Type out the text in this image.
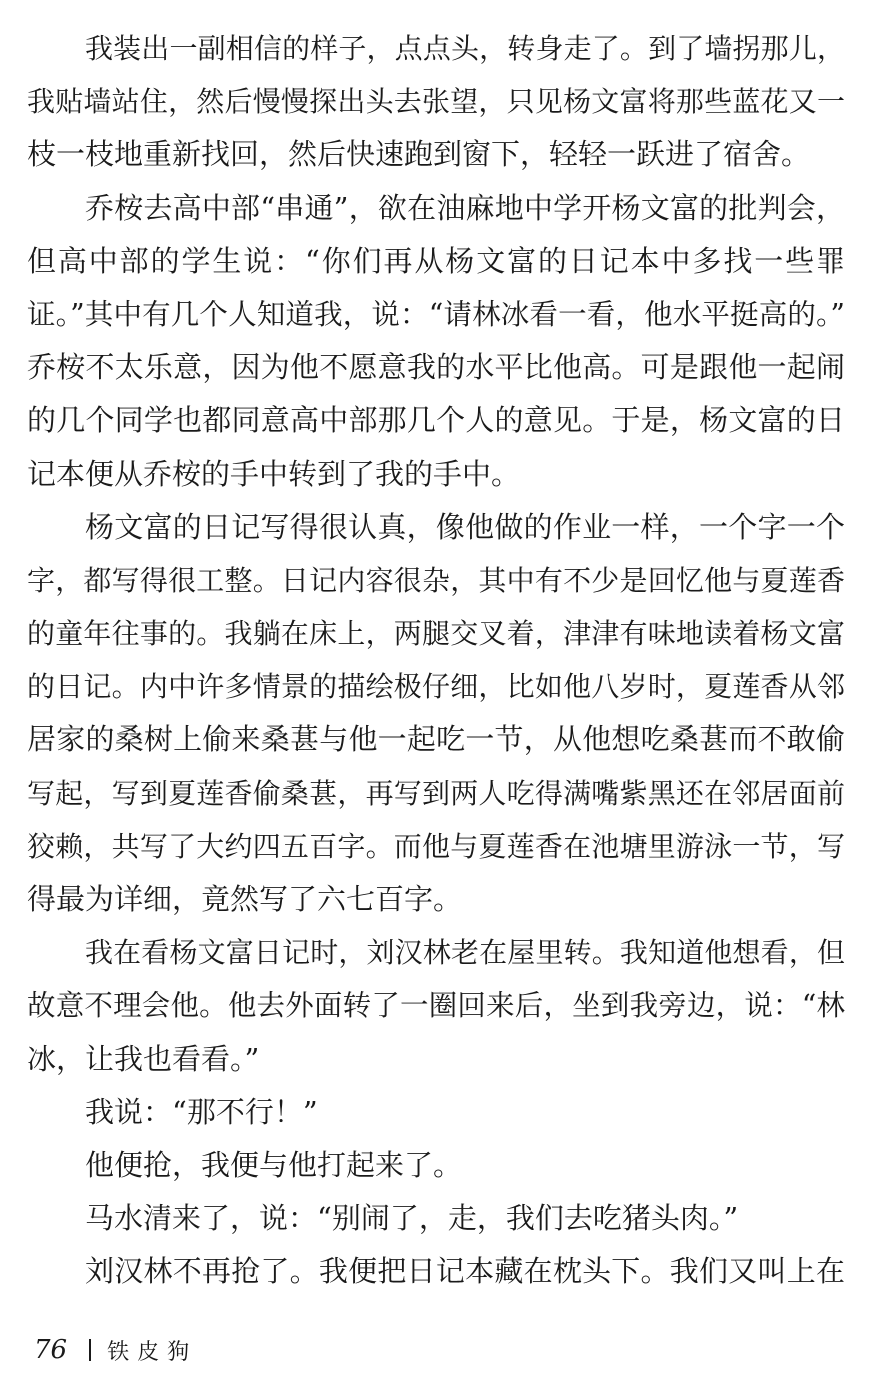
我装出一副相信的样子，点点头，转身走了。到了墙拐那儿，
我贴墙站住，然后慢慢探出头去张望，只见杨文富将那些蓝花又一
枝一枝地重新找回，然后快速跑到窗下，轻轻一跃进了宿舍。
乔桉去高中部“串通”，欲在油麻地中学开杨文富的批判会，
但高中部的学生说：“你们再从杨文富的日记本中多找一些罪
证。”其中有几个人知道我，说：“请林冰看一看，他水平挺高的。”
乔桉不太乐意，因为他不愿意我的水平比他高。可是跟他一起闹
的几个同学也都同意高中部那几个人的意见。于是，杨文富的日
记本便从乔桉的手中转到了我的手中。
杨文富的日记写得很认真，像他做的作业一样，一个字一个
字，都写得很工整。日记内容很杂，其中有不少是回忆他与夏莲香
的童年往事的。我躺在床上，两腿交叉着，津津有味地读着杨文富
的日记。内中许多情景的描绘极仔细，比如他八岁时，夏莲香从邻
居家的桑树上偷来桑葚与他一起吃一节，从他想吃桑葚而不敢偷
写起，写到夏莲香偷桑葚，再写到两人吃得满嘴紫黑还在邻居面前
狡赖，共写了大约四五百字。而他与夏莲香在池塘里游泳一节，写
得最为详细，竟然写了六七百字。
我在看杨文富日记时，刘汉林老在屋里转。我知道他想看，但
故意不理会他。他去外面转了一圈回来后，坐到我旁边，说：“林
冰，让我也看看。”
我说：“那不行！”
他便抢，我便与他打起来了。
马水清来了，说：“别闹了，走，我们去吃猪头肉。”
刘汉林不再抢了。我便把日记本藏在枕头下。我们又叫上在
76 铁皮狗
